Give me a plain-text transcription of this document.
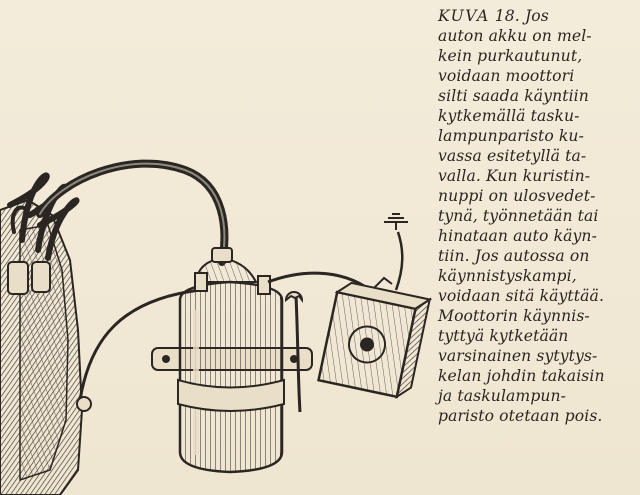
KUVA 18. Jos
auton akku on mel-
kein purkautunut,
voidaan moottori
silti saada käyntiin
kytkemällä tasku-
lampunparisto ku-
vassa esitetyllä ta-
valla. Kun kuristin-
nuppi on ulosvedet-
tynä, työnnetään tai
hinataan auto käyn-
tiin. Jos autossa on
käynnistyskampi,
voidaan sitä käyttää.
Moottorin käynnis-
tyttyä kytketään
varsinainen sytytys-
kelan johdin takaisin
ja taskulampun-
paristo otetaan pois.
